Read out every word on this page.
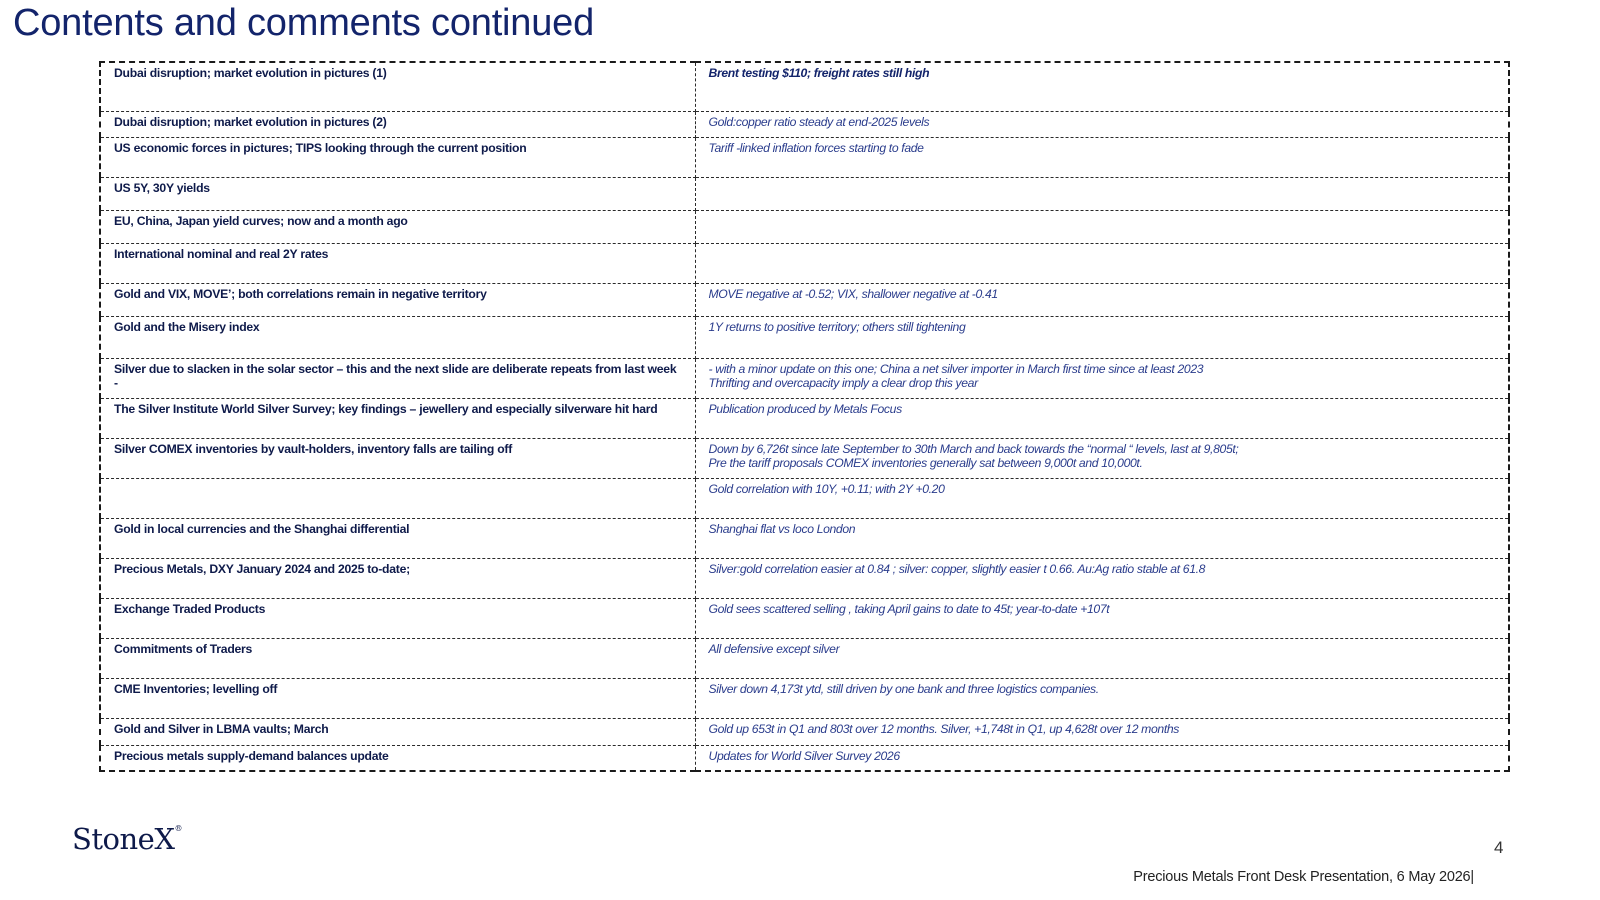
Contents and comments continued
Dubai disruption; market evolution in pictures (1)	Brent testing $110; freight rates still high
Dubai disruption; market evolution in pictures (2)	Gold:copper ratio steady at end-2025 levels
US economic forces in pictures; TIPS looking through the current position	Tariff -linked inflation forces starting to fade
US 5Y, 30Y yields	
EU, China, Japan yield curves; now and a month ago	
International nominal and real 2Y rates	
Gold and VIX, MOVE’; both correlations remain in negative territory	MOVE negative at -0.52; VIX, shallower negative at -0.41
Gold and the Misery index	1Y returns to positive territory; others still tightening
Silver due to slacken in the solar sector – this and the next slide are deliberate repeats from last week -	- with a minor update on this one; China a net silver importer in March first time since at least 2023
Thrifting and overcapacity imply a clear drop this year

The Silver Institute World Silver Survey; key findings – jewellery and especially silverware hit hard	Publication produced by Metals Focus
Silver COMEX inventories by vault-holders, inventory falls are tailing off	Down by 6,726t since late September to 30th March and back towards the “normal “ levels, last at 9,805t;
Pre the tariff proposals COMEX inventories generally sat between 9,000t and 10,000t.

	Gold correlation with 10Y, +0.11; with 2Y +0.20
Gold in local currencies and the Shanghai differential	Shanghai flat vs loco London
Precious Metals, DXY January 2024 and 2025 to-date;	Silver:gold correlation easier at 0.84 ; silver: copper, slightly easier t 0.66. Au:Ag ratio stable at 61.8
Exchange Traded Products	Gold sees scattered selling , taking April gains to date to 45t; year-to-date +107t
Commitments of Traders	All defensive except silver
CME Inventories; levelling off	Silver down 4,173t ytd, still driven by one bank and three logistics companies.
Gold and Silver in LBMA vaults; March	Gold up 653t in Q1 and 803t over 12 months. Silver, +1,748t in Q1, up 4,628t over 12 months
Precious metals supply-demand balances update	Updates for World Silver Survey 2026
StoneX®
4
Precious Metals Front Desk Presentation, 6 May 2026|
